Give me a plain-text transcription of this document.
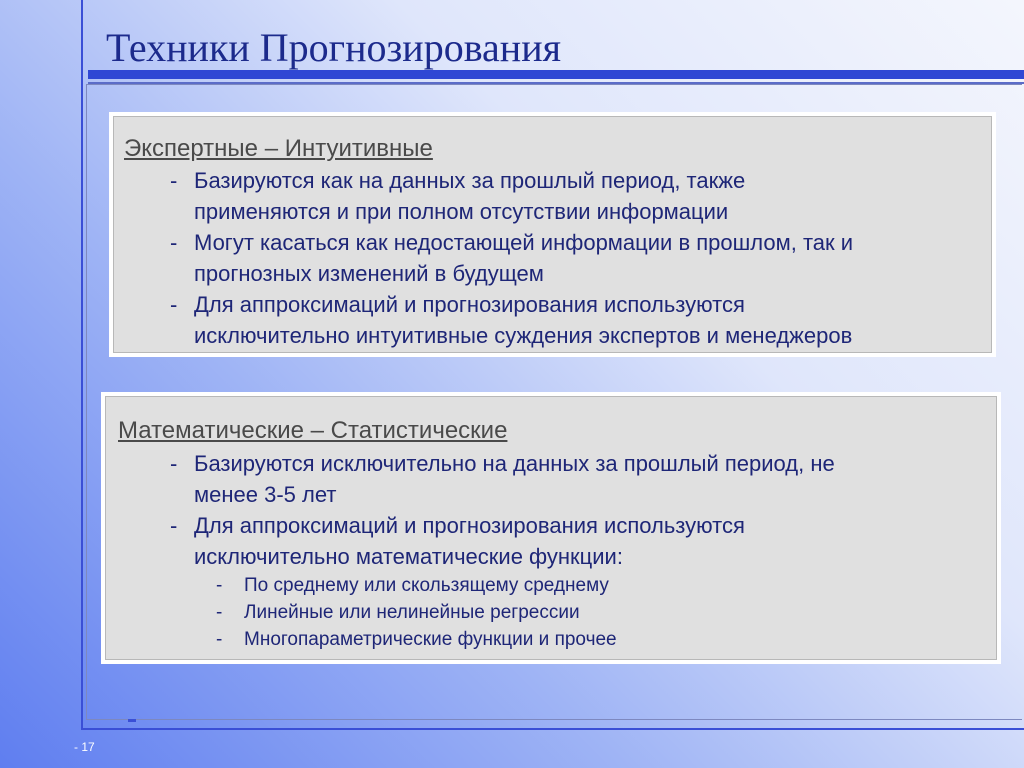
Техники Прогнозирования
Экспертные – Интуитивные
- Базируются как на данных за прошлый период, также
применяются и при полном отсутствии информации
- Могут касаться как недостающей информации в прошлом, так и
прогнозных изменений в будущем
- Для аппроксимаций и прогнозирования используются
исключительно интуитивные суждения экспертов и менеджеров
Математические – Статистические
- Базируются исключительно на данных за прошлый период, не
менее 3-5 лет
- Для аппроксимаций и прогнозирования используются
исключительно математические функции:
- По среднему или скользящему среднему
- Линейные или нелинейные регрессии
- Многопараметрические функции и прочее
- 17
